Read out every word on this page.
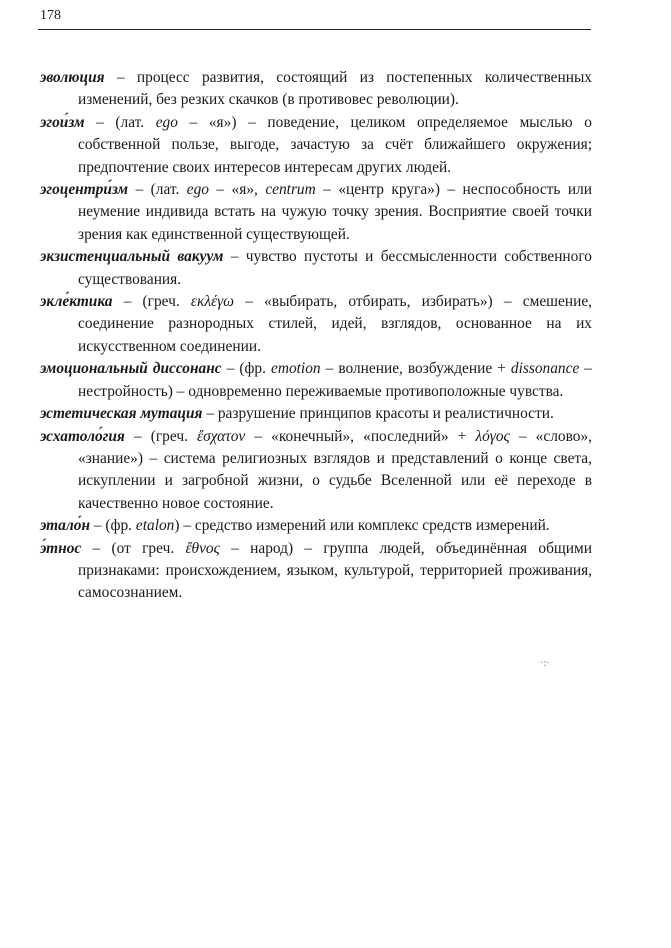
178

эволюция – процесс развития, состоящий из постепенных количественных изменений, без резких скачков (в противовес революции).

эгои́зм – (лат. ego – «я») – поведение, целиком определяемое мыслью о собственной пользе, выгоде, зачастую за счёт ближайшего окружения; предпочтение своих интересов интересам других людей.

эгоцентри́зм – (лат. ego – «я», centrum – «центр круга») – неспособность или неумение индивида встать на чужую точку зрения. Восприятие своей точки зрения как единственной существующей.

экзистенциальный вакуум – чувство пустоты и бессмысленности собственного существования.

экле́ктика – (греч. εκλέγω – «выбирать, отбирать, избирать») – смешение, соединение разнородных стилей, идей, взглядов, основанное на их искусственном соединении.

эмоциональный диссонанс – (фр. emotion – волнение, возбуждение + dissonance – нестройность) – одновременно переживаемые противоположные чувства.

эстетическая мутация – разрушение принципов красоты и реалистичности.

эсхатоло́гия – (греч. ἔσχατον – «конечный», «последний» + λόγος – «слово», «знание») – система религиозных взглядов и представлений о конце света, искуплении и загробной жизни, о судьбе Вселенной или её переходе в качественно новое состояние.

этало́н – (фр. etalon) – средство измерений или комплекс средств измерений.

э́тнос – (от греч. ἔθνος – народ) – группа людей, объединённая общими признаками: происхождением, языком, культурой, территорией проживания, самосознанием.

·:·
